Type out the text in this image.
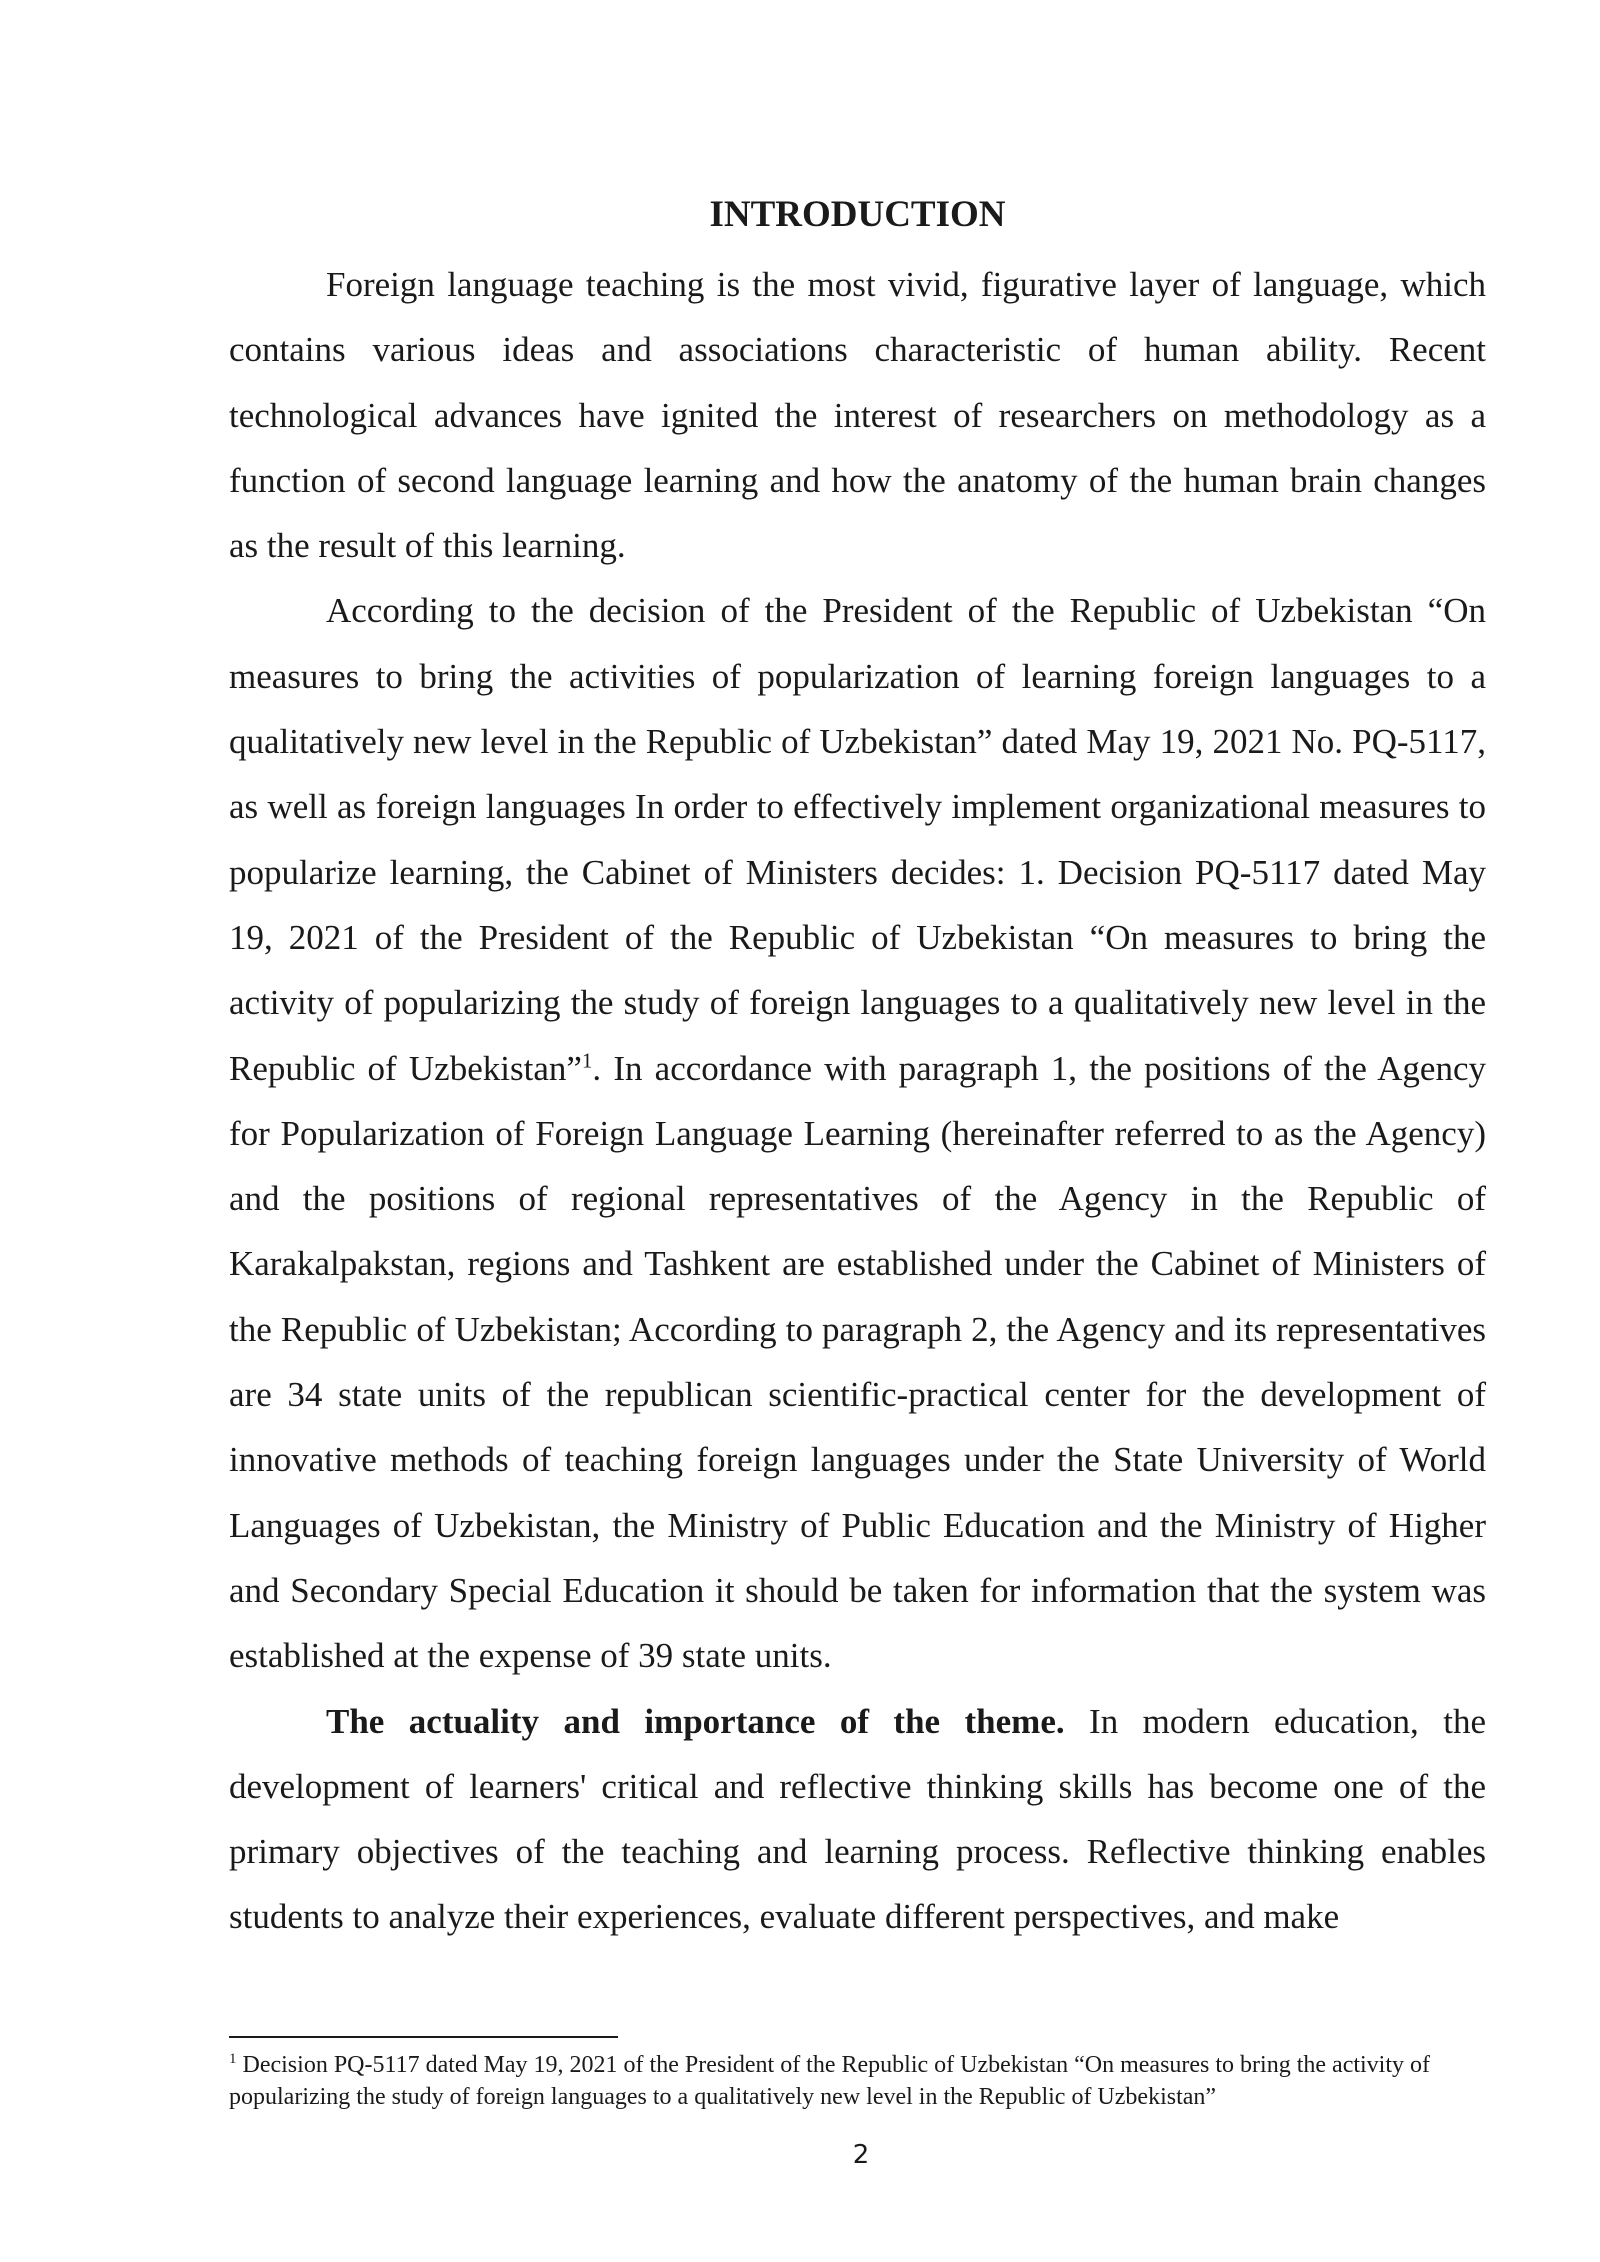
INTRODUCTION

Foreign language teaching is the most vivid, figurative layer of language, which contains various ideas and associations characteristic of human ability. Recent technological advances have ignited the interest of researchers on methodology as a function of second language learning and how the anatomy of the human brain changes as the result of this learning.

According to the decision of the President of the Republic of Uzbekistan “On measures to bring the activities of popularization of learning foreign languages to a qualitatively new level in the Republic of Uzbekistan” dated May 19, 2021 No. PQ-5117, as well as foreign languages In order to effectively implement organizational measures to popularize learning, the Cabinet of Ministers decides: 1. Decision PQ-5117 dated May 19, 2021 of the President of the Republic of Uzbekistan “On measures to bring the activity of popularizing the study of foreign languages to a qualitatively new level in the Republic of Uzbekistan”$^1$. In accordance with paragraph 1, the positions of the Agency for Popularization of Foreign Language Learning (hereinafter referred to as the Agency) and the positions of regional representatives of the Agency in the Republic of Karakalpakstan, regions and Tashkent are established under the Cabinet of Ministers of the Republic of Uzbekistan; According to paragraph 2, the Agency and its representatives are 34 state units of the republican scientific-practical center for the development of innovative methods of teaching foreign languages under the State University of World Languages of Uzbekistan, the Ministry of Public Education and the Ministry of Higher and Secondary Special Education it should be taken for information that the system was established at the expense of 39 state units.

The actuality and importance of the theme. In modern education, the development of learners' critical and reflective thinking skills has become one of the primary objectives of the teaching and learning process. Reflective thinking enables students to analyze their experiences, evaluate different perspectives, and make

$^1$ Decision PQ-5117 dated May 19, 2021 of the President of the Republic of Uzbekistan “On measures to bring the activity of popularizing the study of foreign languages to a qualitatively new level in the Republic of Uzbekistan”

2
